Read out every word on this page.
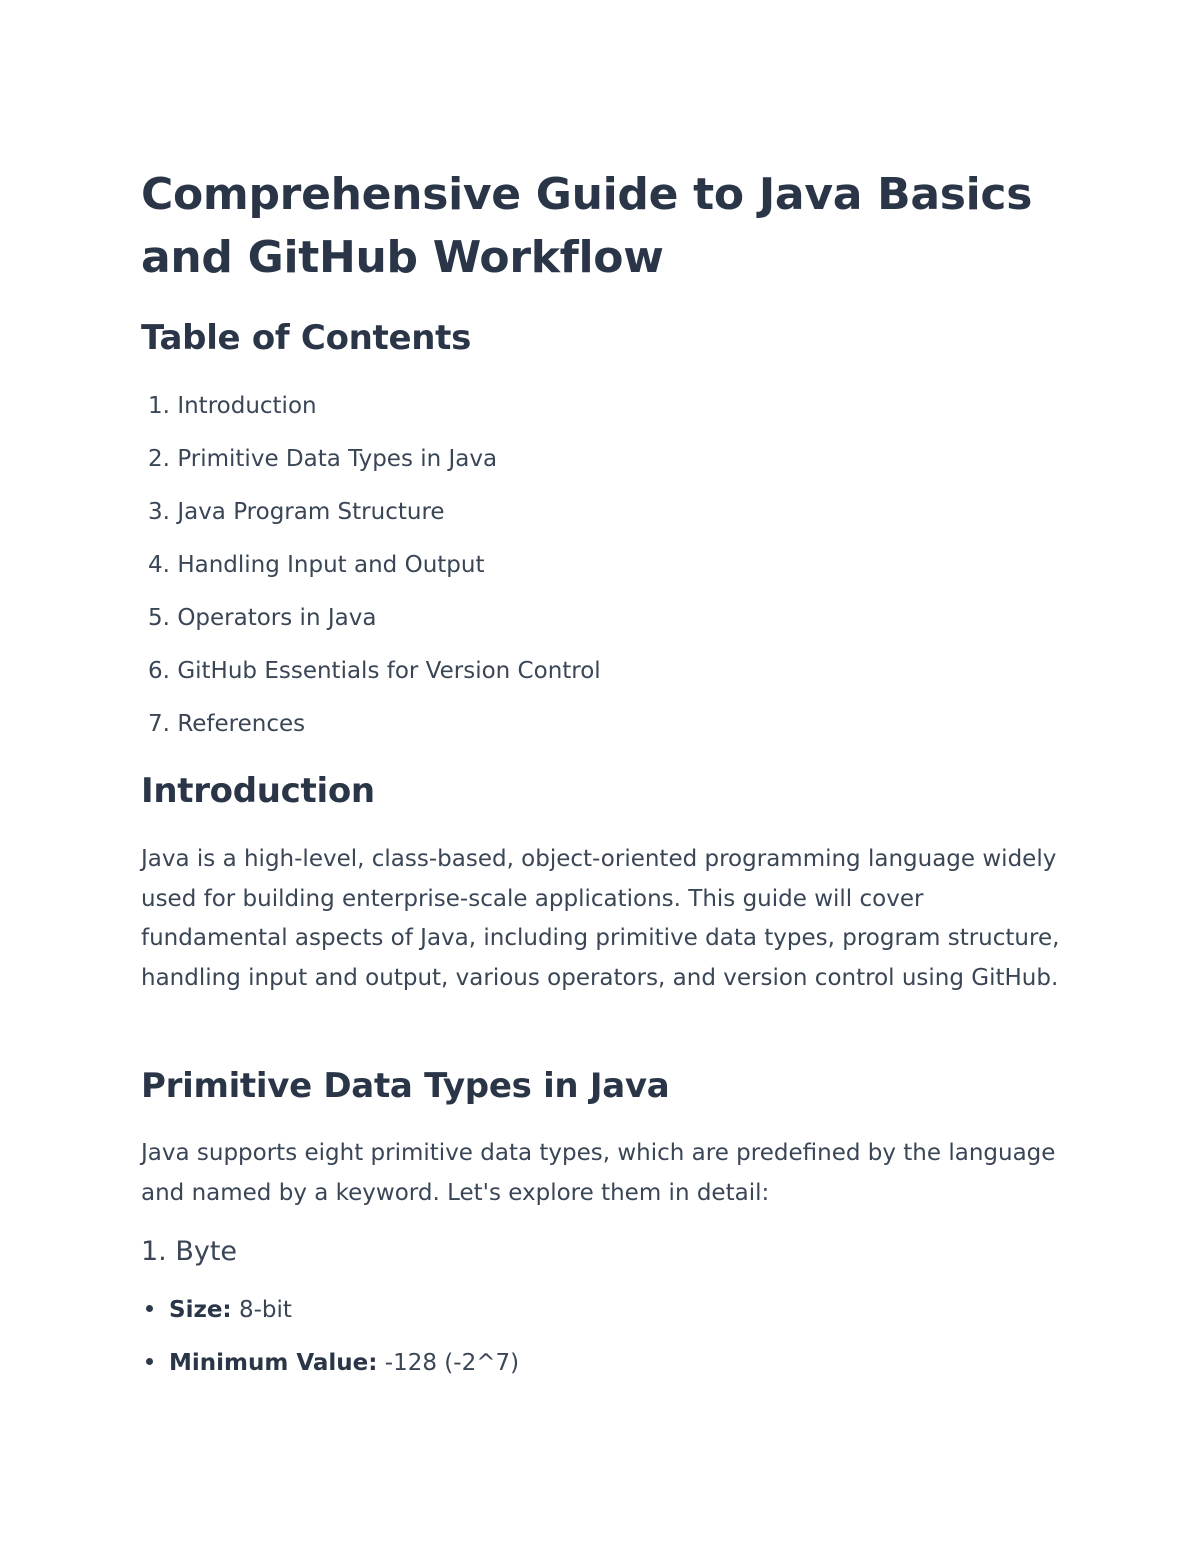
Comprehensive Guide to Java Basics and GitHub Workflow
Table of Contents
1. Introduction
2. Primitive Data Types in Java
3. Java Program Structure
4. Handling Input and Output
5. Operators in Java
6. GitHub Essentials for Version Control
7. References
Introduction

Java is a high-level, class-based, object-oriented programming language widely used for building enterprise-scale applications. This guide will cover fundamental aspects of Java, including primitive data types, program structure, handling input and output, various operators, and version control using GitHub.

Primitive Data Types in Java

Java supports eight primitive data types, which are predefined by the language and named by a keyword. Let's explore them in detail:

1. Byte
Size: 8-bit
Minimum Value: -128 (-2^7)
